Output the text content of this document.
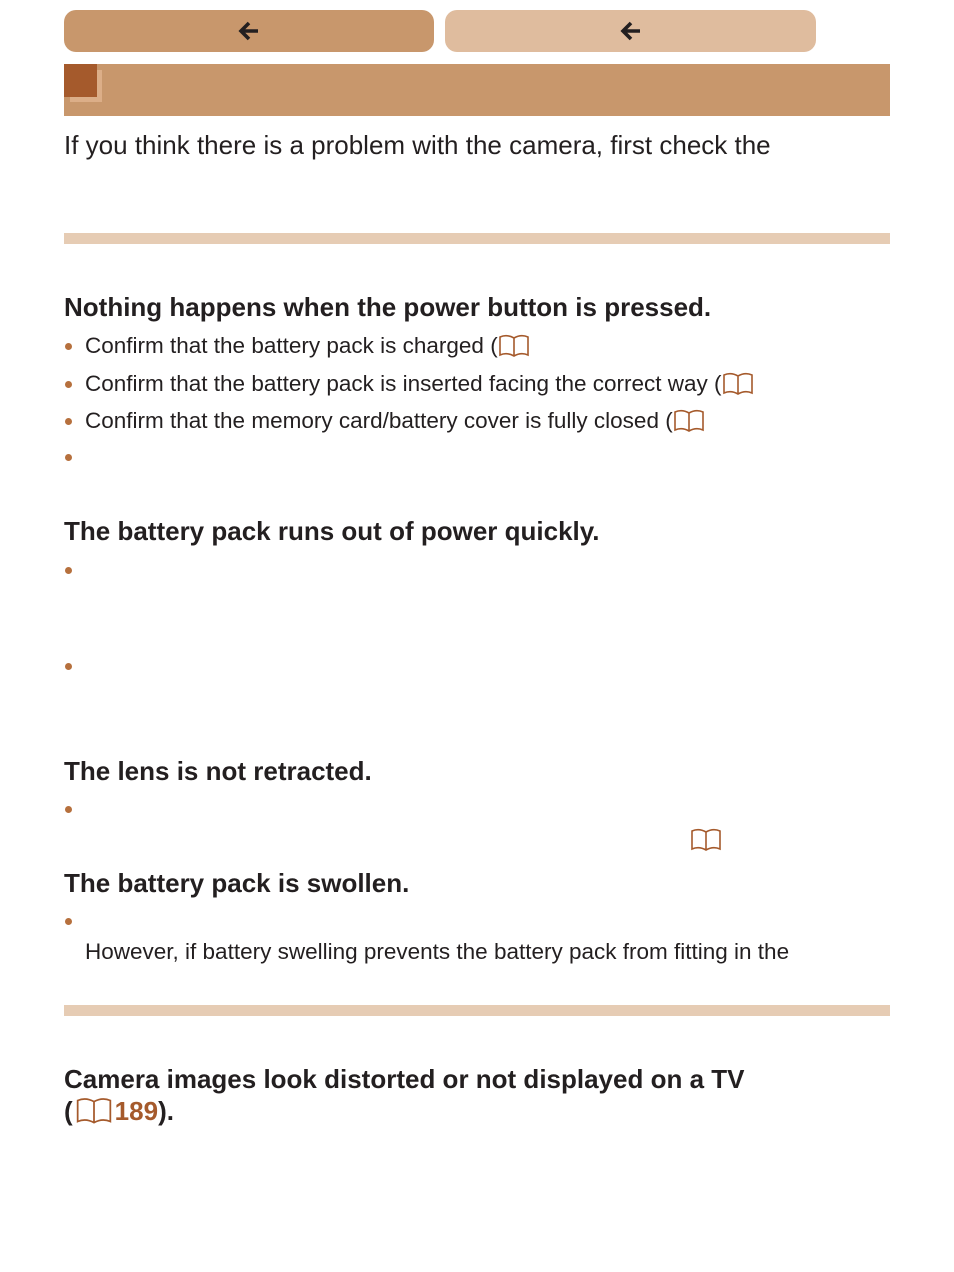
If you think there is a problem with the camera, first check the
Nothing happens when the power button is pressed.
Confirm that the battery pack is charged (
Confirm that the battery pack is inserted facing the correct way (
Confirm that the memory card/battery cover is fully closed (
The battery pack runs out of power quickly.
The lens is not retracted.
The battery pack is swollen.
However, if battery swelling prevents the battery pack from fitting in the
Camera images look distorted or not displayed on a TV
( 189 ).
